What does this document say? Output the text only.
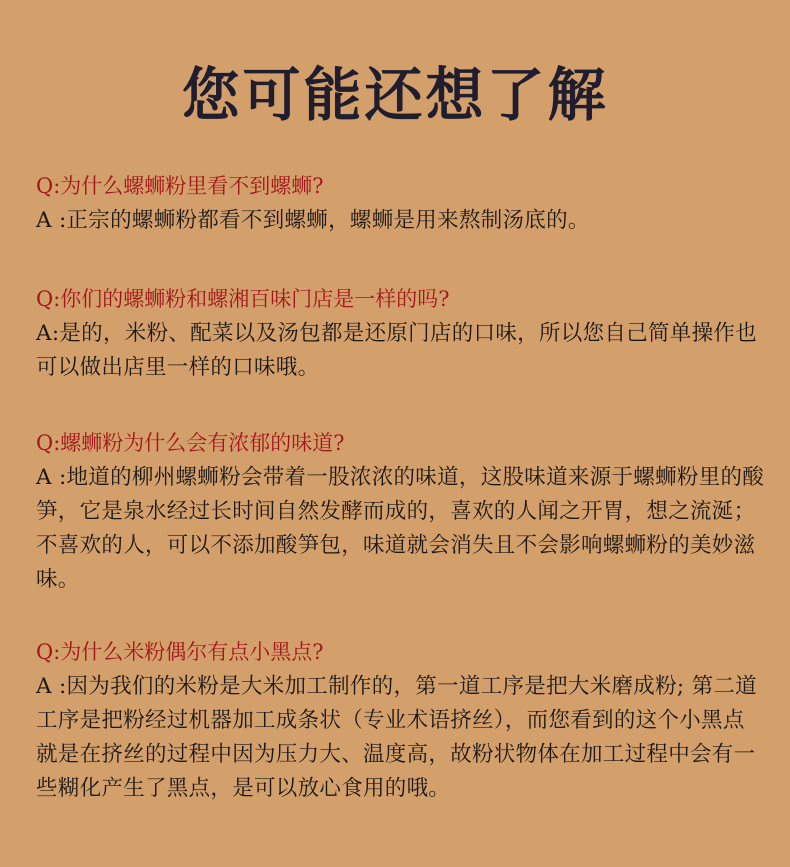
您可能还想了解

Q:为什么螺蛳粉里看不到螺蛳?

A :正宗的螺蛳粉都看不到螺蛳，螺蛳是用来熬制汤底的。

Q:你们的螺蛳粉和螺湘百味门店是一样的吗?

A:是的，米粉、配菜以及汤包都是还原门店的口味，所以您自己简单操作也可以做出店里一样的口味哦。

Q:螺蛳粉为什么会有浓郁的味道?

A :地道的柳州螺蛳粉会带着一股浓浓的味道，这股味道来源于螺蛳粉里的酸笋，它是泉水经过长时间自然发酵而成的，喜欢的人闻之开胃，想之流涎；不喜欢的人，可以不添加酸笋包，味道就会消失且不会影响螺蛳粉的美妙滋味。

Q:为什么米粉偶尔有点小黑点?

A :因为我们的米粉是大米加工制作的，第一道工序是把大米磨成粉; 第二道工序是把粉经过机器加工成条状（专业术语挤丝），而您看到的这个小黑点就是在挤丝的过程中因为压力大、温度高，故粉状物体在加工过程中会有一些糊化产生了黑点，是可以放心食用的哦。
